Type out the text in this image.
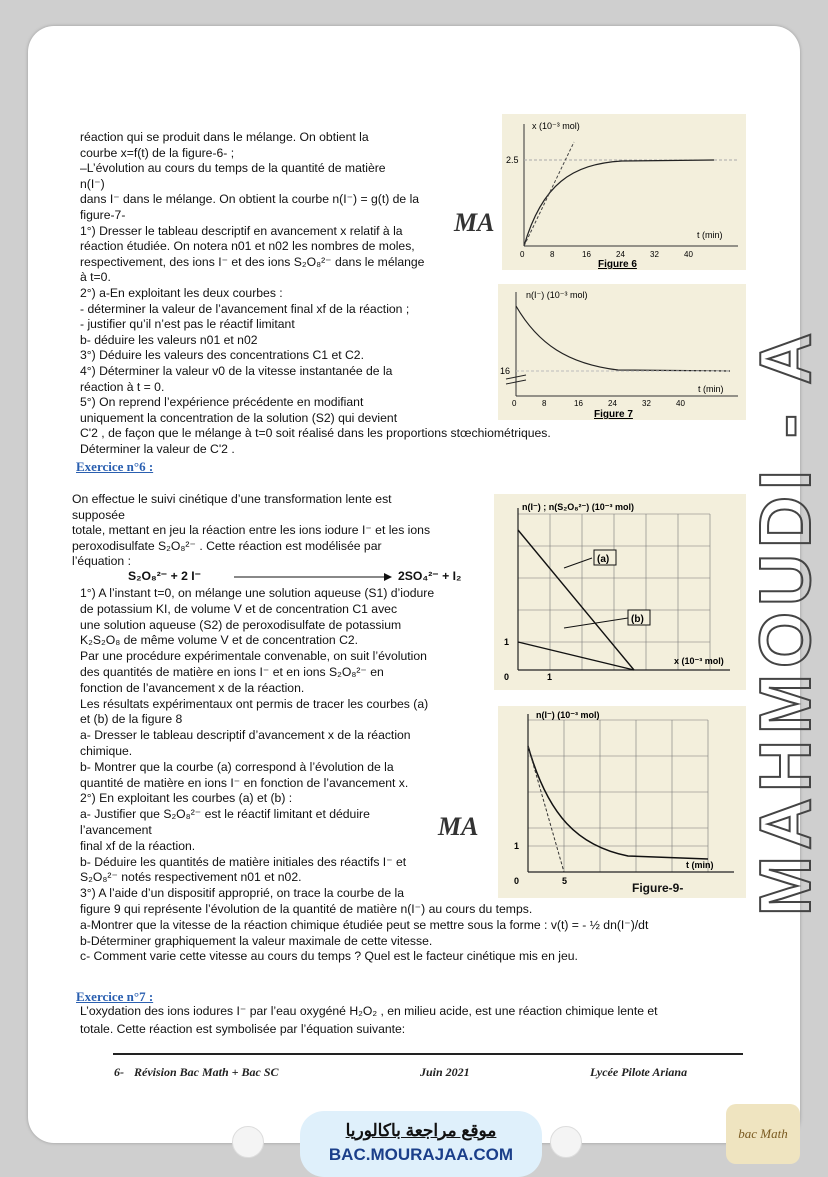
réaction qui se produit dans le mélange. On obtient la
courbe x=f(t) de la figure-6- ;
–L’évolution au cours du temps de la quantité de matière
n(I⁻)
dans I⁻ dans le mélange. On obtient la courbe n(I⁻) = g(t) de la
figure-7-
1°) Dresser le tableau descriptif en avancement x relatif à la
réaction étudiée. On notera n01 et n02 les nombres de moles,
respectivement, des ions I⁻ et des ions S₂O₈²⁻ dans le mélange
à t=0.
2°) a-En exploitant les deux courbes :
- déterminer la valeur de l’avancement final xf de la réaction ;
- justifier qu’il n’est pas le réactif limitant
b- déduire les valeurs n01 et n02
3°) Déduire les valeurs des concentrations C1 et C2.
4°) Déterminer la valeur v0 de la vitesse instantanée de la
réaction à t = 0.
5°) On reprend l’expérience précédente en modifiant
uniquement la concentration de la solution (S2) qui devient
C'2 , de façon que le mélange à t=0 soit réalisé dans les proportions stœchiométriques.
Déterminer la valeur de C'2 .
Exercice n°6 :
On effectue le suivi cinétique d’une transformation lente est
supposée
totale, mettant en jeu la réaction entre les ions iodure I⁻ et les ions
peroxodisulfate S₂O₈²⁻ . Cette réaction est modélisée par
l’équation :
S₂O₈²⁻ + 2 I⁻	2SO₄²⁻ + I₂
1°) A l’instant t=0, on mélange une solution aqueuse (S1) d’iodure
de potassium KI, de volume V et de concentration C1 avec
une solution aqueuse (S2) de peroxodisulfate de potassium
K₂S₂O₈ de même volume V et de concentration C2.
Par une procédure expérimentale convenable, on suit l’évolution
des quantités de matière en ions I⁻ et en ions S₂O₈²⁻ en
fonction de l’avancement x de la réaction.
Les résultats expérimentaux ont permis de tracer les courbes (a)
et (b) de la figure 8
a- Dresser le tableau descriptif d’avancement x de la réaction
chimique.
b- Montrer que la courbe (a) correspond à l’évolution de la
quantité de matière en ions I⁻ en fonction de l’avancement x.
2°) En exploitant les courbes (a) et (b) :
a- Justifier que S₂O₈²⁻ est le réactif limitant et déduire
l’avancement
final xf de la réaction.
b- Déduire les quantités de matière initiales des réactifs I⁻ et
S₂O₈²⁻ notés respectivement n01 et n02.
3°) A l’aide d’un dispositif approprié, on trace la courbe de la
figure 9 qui représente l’évolution de la quantité de matière n(I⁻) au cours du temps.
a-Montrer que la vitesse de la réaction chimique étudiée peut se mettre sous la forme : v(t) = - ½ dn(I⁻)/dt
b-Déterminer graphiquement la valeur maximale de cette vitesse.
c- Comment varie cette vitesse au cours du temps ? Quel est le facteur cinétique mis en jeu.
Exercice n°7 :
L’oxydation des ions iodures I⁻ par l’eau oxygéné H₂O₂ , en milieu acide, est une réaction chimique lente et
totale. Cette réaction est symbolisée par l’équation suivante:
x (10⁻³ mol)
2.5
t (min)
0	8	16	24	32	40
Figure 6
n(I⁻) (10⁻³ mol)
16
t (min)
0	8	16	24	32	40
Figure 7
(a)
(b)
n(I⁻) ; n(S₂O₈²⁻) (10⁻³ mol)
1
x (10⁻³ mol)
0	1
n(I⁻) (10⁻³ mol)
1
t (min)
0	5	Figure-9- MAHMOUDI - A
MA
MA
6- Révision Bac Math + Bac SC	Juin 2021	Lycée Pilote Ariana
موقع مراجعة باكالوريا
BAC.MOURAJAA.COM
bac Math
